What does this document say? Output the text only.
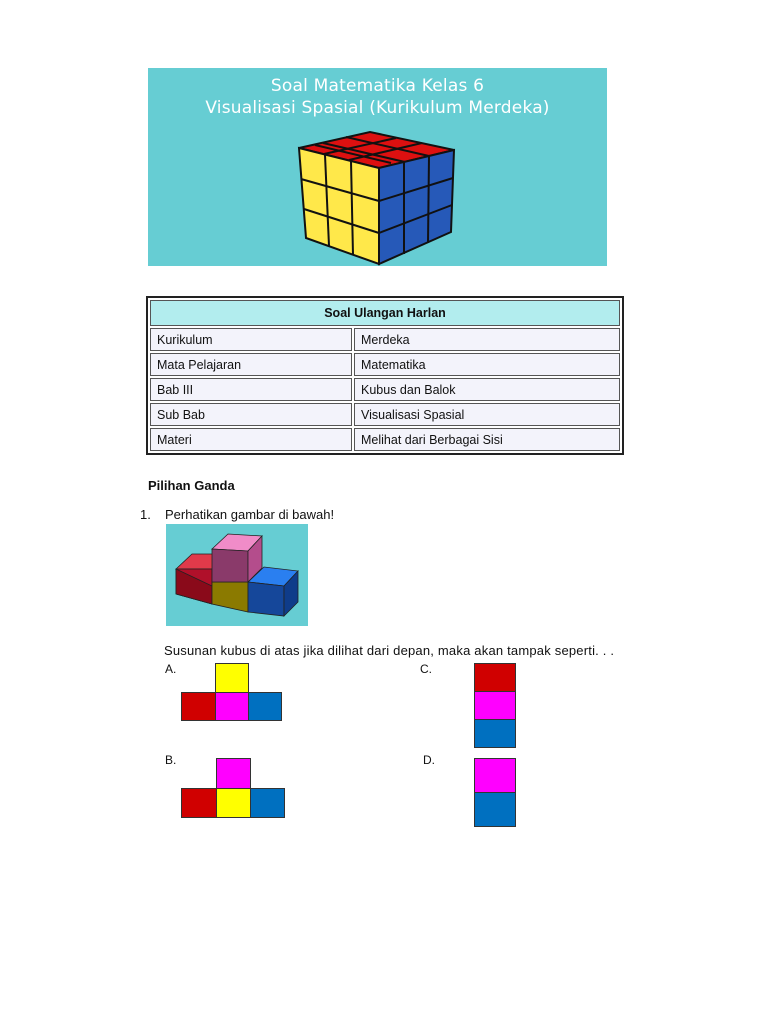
Soal Matematika Kelas 6
Visualisasi Spasial (Kurikulum Merdeka)
Soal Ulangan Harlan	
Kurikulum	Merdeka
Mata Pelajaran	Matematika
Bab III	Kubus dan Balok
Sub Bab	Visualisasi Spasial
Materi	Melihat dari Berbagai Sisi
Pilihan Ganda
1. Perhatikan gambar di bawah!
Susunan kubus di atas jika dilihat dari depan, maka akan tampak seperti. . .
A.
B.
C.
D.
